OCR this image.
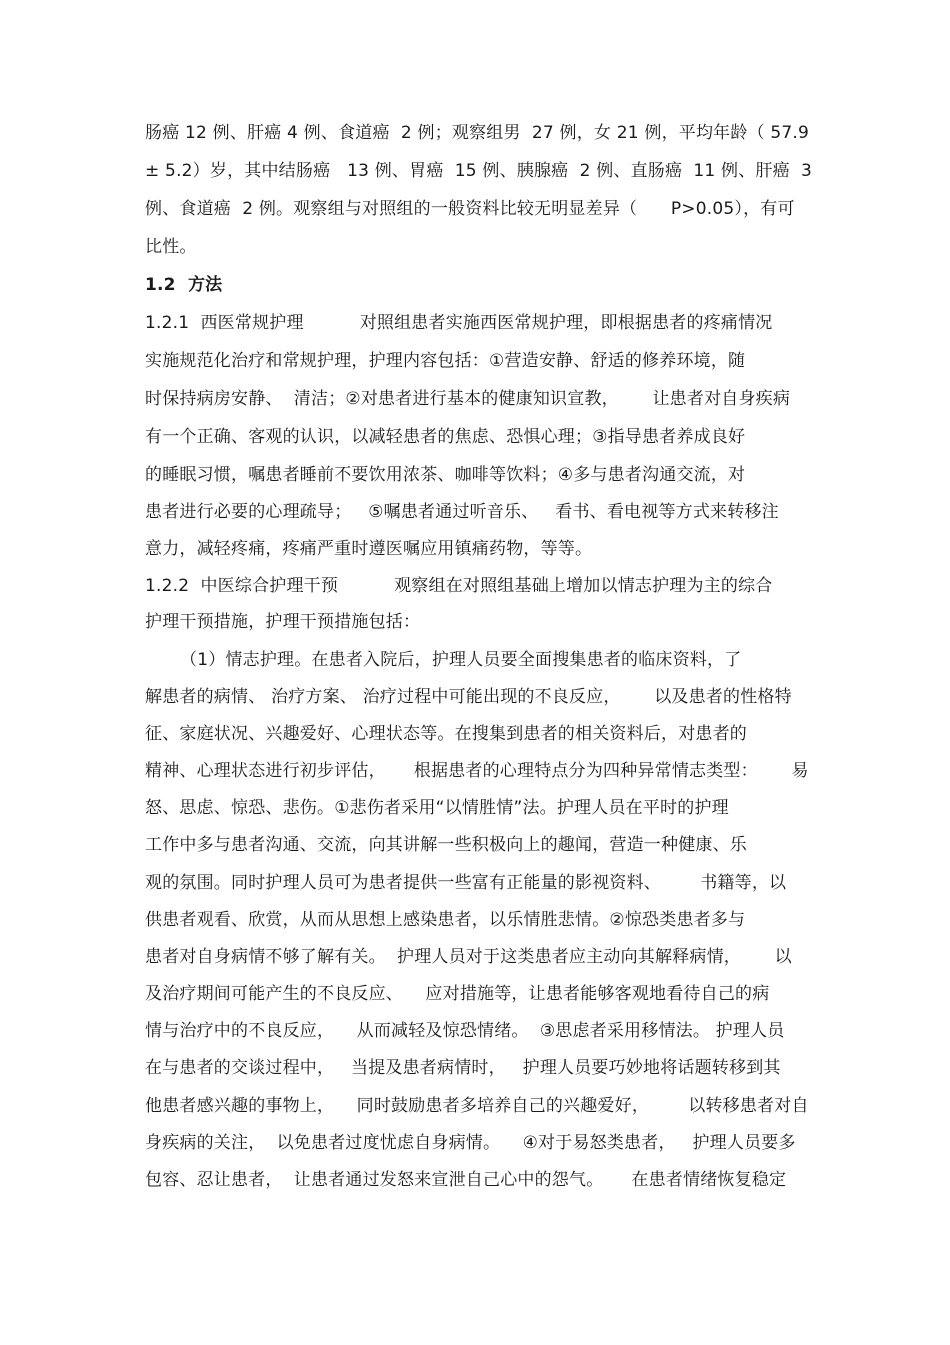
肠癌 12 例、肝癌 4 例、食道癌  2 例；观察组男  27 例，女 21 例，平均年龄（ 57.9
± 5.2）岁，其中结肠癌   13 例、胃癌  15 例、胰腺癌  2 例、直肠癌  11 例、肝癌  3
例、食道癌  2 例。观察组与对照组的一般资料比较无明显差异（      P>0.05），有可
比性。
1.2  方法
1.2.1  西医常规护理          对照组患者实施西医常规护理，即根据患者的疼痛情况
实施规范化治疗和常规护理，护理内容包括：①营造安静、舒适的修养环境，随
时保持病房安静、  清洁；②对患者进行基本的健康知识宣教，      让患者对自身疾病
有一个正确、客观的认识，以减轻患者的焦虑、恐惧心理；③指导患者养成良好
的睡眠习惯，嘱患者睡前不要饮用浓茶、咖啡等饮料；④多与患者沟通交流，对
患者进行必要的心理疏导；   ⑤嘱患者通过听音乐、   看书、看电视等方式来转移注
意力，减轻疼痛，疼痛严重时遵医嘱应用镇痛药物，等等。
1.2.2  中医综合护理干预          观察组在对照组基础上增加以情志护理为主的综合
护理干预措施，护理干预措施包括：
（1）情志护理。在患者入院后，护理人员要全面搜集患者的临床资料，了
解患者的病情、 治疗方案、 治疗过程中可能出现的不良反应，      以及患者的性格特
征、家庭状况、兴趣爱好、心理状态等。在搜集到患者的相关资料后，对患者的
精神、心理状态进行初步评估，     根据患者的心理特点分为四种异常情志类型：      易
怒、思虑、惊恐、悲伤。①悲伤者采用“以情胜情”法。护理人员在平时的护理
工作中多与患者沟通、交流，向其讲解一些积极向上的趣闻，营造一种健康、乐
观的氛围。同时护理人员可为患者提供一些富有正能量的影视资料、       书籍等，以
供患者观看、欣赏，从而从思想上感染患者，以乐情胜悲情。②惊恐类患者多与
患者对自身病情不够了解有关。  护理人员对于这类患者应主动向其解释病情，      以
及治疗期间可能产生的不良反应、    应对措施等，让患者能够客观地看待自己的病
情与治疗中的不良反应，    从而减轻及惊恐情绪。  ③思虑者采用移情法。 护理人员
在与患者的交谈过程中，   当提及患者病情时，   护理人员要巧妙地将话题转移到其
他患者感兴趣的事物上，    同时鼓励患者多培养自己的兴趣爱好，       以转移患者对自
身疾病的关注，  以免患者过度忧虑自身病情。    ④对于易怒类患者，   护理人员要多
包容、忍让患者，  让患者通过发怒来宣泄自己心中的怨气。     在患者情绪恢复稳定
